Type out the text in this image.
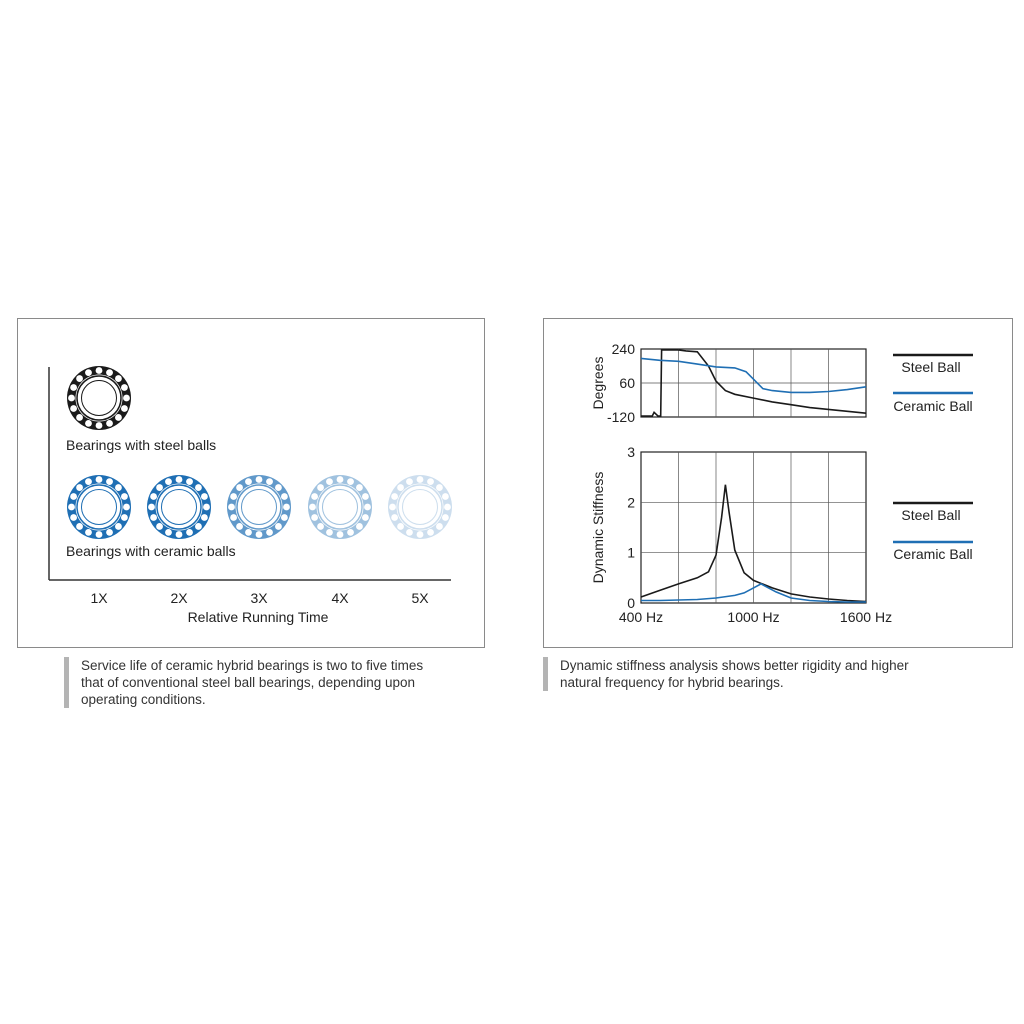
Bearings with steel balls
Bearings with ceramic balls
1X	2X	3X	4X	5X
Relative Running Time
240
60
-120
Degrees
0
1
2
3
Dynamic Stiffness
400 Hz	1000 Hz	1600 Hz
Steel Ball
Ceramic Ball
Steel Ball
Ceramic Ball
Service life of ceramic hybrid bearings is two to five times
that of conventional steel ball bearings, depending upon
operating conditions.
Dynamic stiffness analysis shows better rigidity and higher
natural frequency for hybrid bearings.
